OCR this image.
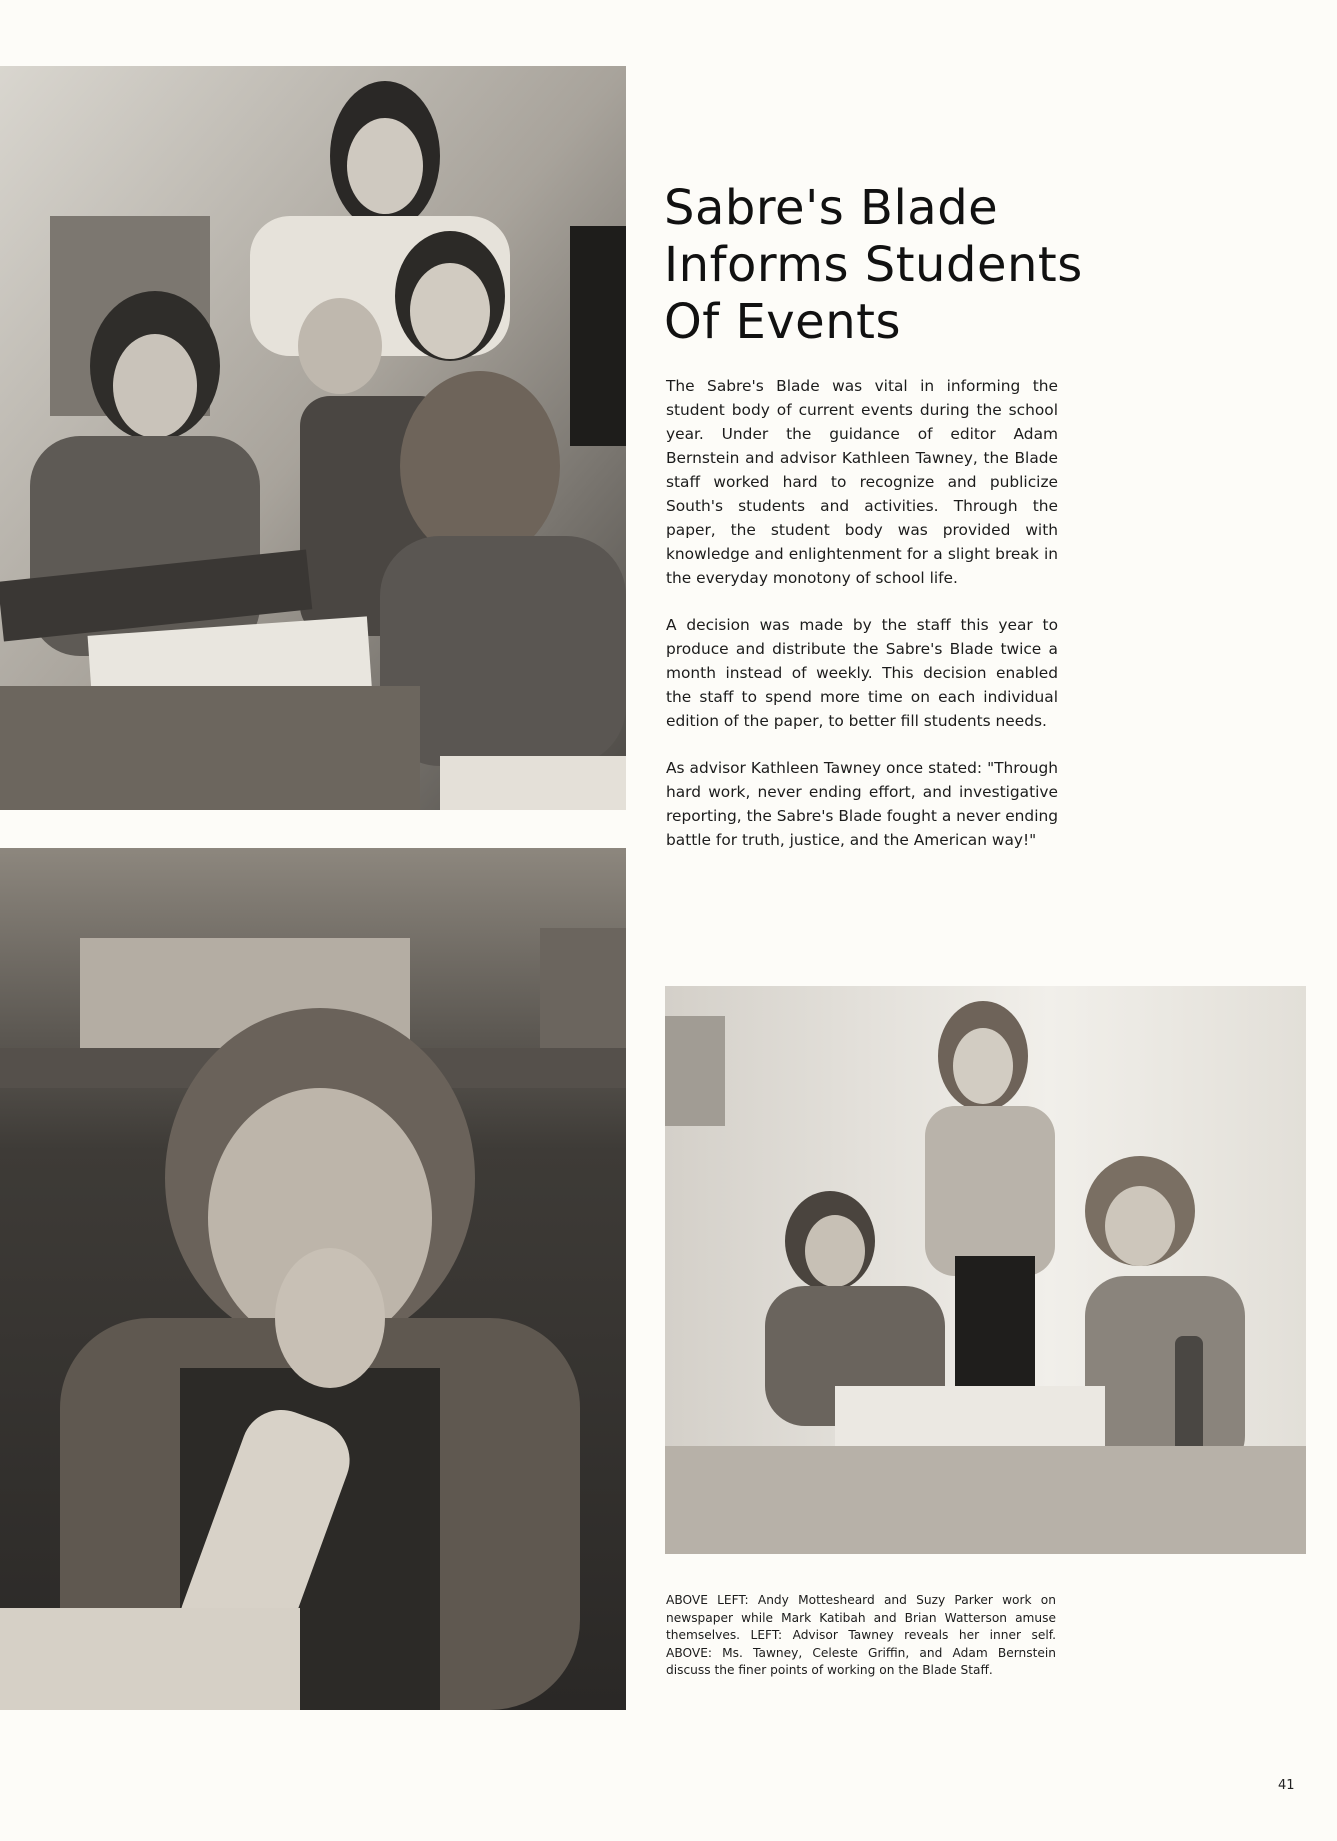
Sabre's Blade
Informs Students
Of Events

The Sabre's Blade was vital in informing the student body of current events during the school year. Under the guidance of editor Adam Bernstein and advisor Kathleen Tawney, the Blade staff worked hard to recognize and publicize South's students and activities. Through the paper, the student body was provided with knowledge and enlightenment for a slight break in the everyday monotony of school life.

A decision was made by the staff this year to produce and distribute the Sabre's Blade twice a month instead of weekly. This decision enabled the staff to spend more time on each individual edition of the paper, to better fill students needs.

As advisor Kathleen Tawney once stated: "Through hard work, never ending effort, and investigative reporting, the Sabre's Blade fought a never ending battle for truth, justice, and the American way!"

ABOVE LEFT: Andy Mottesheard and Suzy Parker work on newspaper while Mark Katibah and Brian Watterson amuse themselves. LEFT: Advisor Tawney reveals her inner self. ABOVE: Ms. Tawney, Celeste Griffin, and Adam Bernstein discuss the finer points of working on the Blade Staff.

41
